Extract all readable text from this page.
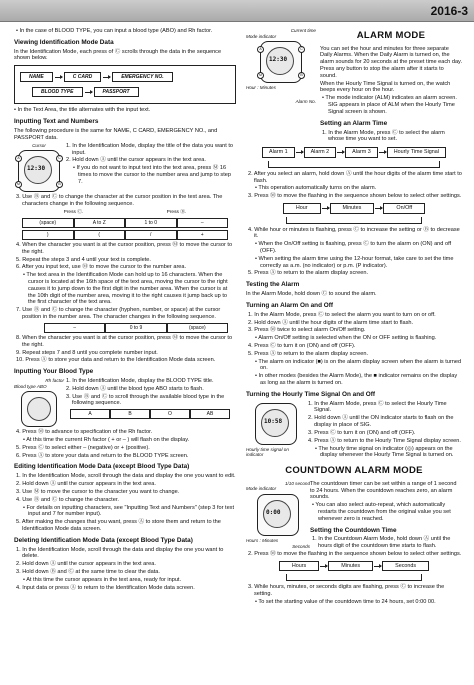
2016-3

• In the case of BLOOD TYPE, you can input a blood type (ABO) and Rh factor.

Viewing Identification Mode Data

In the Identification Mode, each press of Ⓒ scrolls through the data in the sequence shown below.

NAME	C CARD	EMERGENCY NO.
BLOOD TYPE	PASSPORT

• In the Text Area, the title alternates with the input text.

Inputting Text and Numbers

The following procedure is the same for NAME, C CARD, EMERGENCY NO., and PASSPORT data.

Cursor
12:30
A
M
C
B

1. In the Identification Mode, display the title of the data you want to input.

2. Hold down Ⓐ until the cursor appears in the text area.

• If you do not want to input text into the text area, press Ⓜ 16 times to move the cursor to the number area and jump to step 7.

3. Use Ⓑ and Ⓒ to change the character at the cursor position in the text area. The characters change in the following sequence.

Press Ⓒ.	Press Ⓑ.
(space)	A to Z	1 to 0	–
)	(	/	+

4. When the character you want is at the cursor position, press Ⓜ to move the cursor to the right.

5. Repeat the steps 3 and 4 until your text is complete.

6. After you input text, use Ⓜ to move the cursor to the number area.

• The text area in the Identification Mode can hold up to 16 characters. When the cursor is located at the 16th space of the text area, moving the cursor to the right causes it to jump down to the first digit in the number area. When the cursor is at the 10th digit of the number area, moving it to the right causes it jump back up to the first character of the text area.

7. Use Ⓑ and Ⓒ to change the character (hyphen, number, or space) at the cursor position in the number area. The character changes in the following sequence.

–	0 to 9	(space)

8. When the character you want is at the cursor position, press Ⓜ to move the cursor to the right.

9. Repeat steps 7 and 8 until you complete number input.

10. Press Ⓐ to store your data and return to the Identification Mode data screen.

Inputting Your Blood Type
Rh factor
Blood type ABO

1. In the Identification Mode, display the BLOOD TYPE title.

2. Hold down Ⓐ until the blood type ABO starts to flash.

3. Use Ⓑ and Ⓒ to scroll through the available blood type in the following sequence.

A	B	O	AB

4. Press Ⓜ to advance to specification of the Rh factor.

• At this time the current Rh factor ( + or – ) will flash on the display.

5. Press Ⓒ to select either – (negative) or + (positive).

6. Press Ⓐ to store your data and return to the BLOOD TYPE screen.

Editing Identification Mode Data (except Blood Type Data)

1. In the Identification Mode, scroll through the data and display the one you want to edit.

2. Hold down Ⓐ until the cursor appears in the text area.

3. Use Ⓜ to move the cursor to the character you want to change.

4. Use Ⓑ and Ⓒ to change the character.

• For details on inputting characters, see "Inputting Text and Numbers" (step 3 for text input and 7 for number input).

5. After making the changes that you want, press Ⓐ to store them and return to the Identification Mode data screen.

Deleting Identification Mode Data (except Blood Type Data)

1. In the Identification Mode, scroll through the data and display the one you want to delete.

2. Hold down Ⓐ until the cursor appears in the text area.

3. Hold down Ⓑ and Ⓒ at the same time to clear the data.

• At this time the cursor appears in the text area, ready for input.

4. Input data or press Ⓐ to return to the Identification Mode data screen.

Current time
Mode indicator
12:30
A
M
C
B
Hour : Minutes
Alarm No.
ALARM MODE

You can set the hour and minutes for three separate Daily Alarms. When the Daily Alarm is turned on, the alarm sounds for 20 seconds at the preset time each day. Press any button to stop the alarm after it starts to sound.

When the Hourly Time Signal is turned on, the watch beeps every hour on the hour.

• The mode indicator (ALM) indicates an alarm screen. SIG appears in place of ALM when the Hourly Time Signal screen is shown.

Setting an Alarm Time

1. In the Alarm Mode, press Ⓒ to select the alarm whose time you want to set.

Alarm 1	Alarm 2	Alarm 3	Hourly Time Signal

2. After you select an alarm, hold down Ⓐ until the hour digits of the alarm time start to flash.

• This operation automatically turns on the alarm.

3. Press Ⓜ to move the flashing in the sequence shown below to select other settings.

Hour	Minutes	On/Off

4. While hour or minutes is flashing, press Ⓒ to increase the setting or Ⓑ to decrease it.

• When the On/Off setting is flashing, press Ⓒ to turn the alarm on (ON) and off (OFF).

• When setting the alarm time using the 12-hour format, take care to set the time correctly as a.m. (no indicator) or p.m. (P indicator).

5. Press Ⓐ to return to the alarm display screen.

Testing the Alarm

In the Alarm Mode, hold down Ⓒ to sound the alarm.

Turning an Alarm On and Off

1. In the Alarm Mode, press Ⓒ to select the alarm you want to turn on or off.

2. Hold down Ⓐ until the hour digits of the alarm time start to flash.

3. Press Ⓜ twice to select alarm On/Off setting.

• Alarm On/Off setting is selected when the ON or OFF setting is flashing.

4. Press Ⓒ to turn it on (ON) and off (OFF).

5. Press Ⓐ to return to the alarm display screen.

• The alarm on indicator (■) is on the alarm display screen when the alarm is turned on.

• In other modes (besides the Alarm Mode), the ■ indicator remains on the display as long as the alarm is turned on.

Turning the Hourly Time Signal On and Off
10:58
Hourly time signal on indicator

1. In the Alarm Mode, press Ⓒ to select the Hourly Time Signal.

2. Hold down Ⓐ until the ON indicator starts to flash on the display in place of SIG.

3. Press Ⓒ to turn it on (ON) and off (OFF).

4. Press Ⓐ to return to the Hourly Time Signal display screen.

• The hourly time signal on indicator (◎) appears on the display whenever the Hourly Time Signal is turned on.

COUNTDOWN ALARM MODE
1/10 second
Mode indicator
0:00
Hours : Minutes
Seconds

The countdown timer can be set within a range of 1 second to 24 hours. When the countdown reaches zero, an alarm sounds.

• You can also select auto-repeat, which automatically restarts the countdown from the original value you set whenever zero is reached.

Setting the Countdown Time

1. In the Countdown Alarm Mode, hold down Ⓐ until the hours digit of the countdown time starts to flash.

2. Press Ⓜ to move the flashing in the sequence shown below to select other settings.

Hours	Minutes	Seconds

3. While hours, minutes, or seconds digits are flashing, press Ⓒ to increase the setting.

• To set the starting value of the countdown time to 24 hours, set 0:00 00.
